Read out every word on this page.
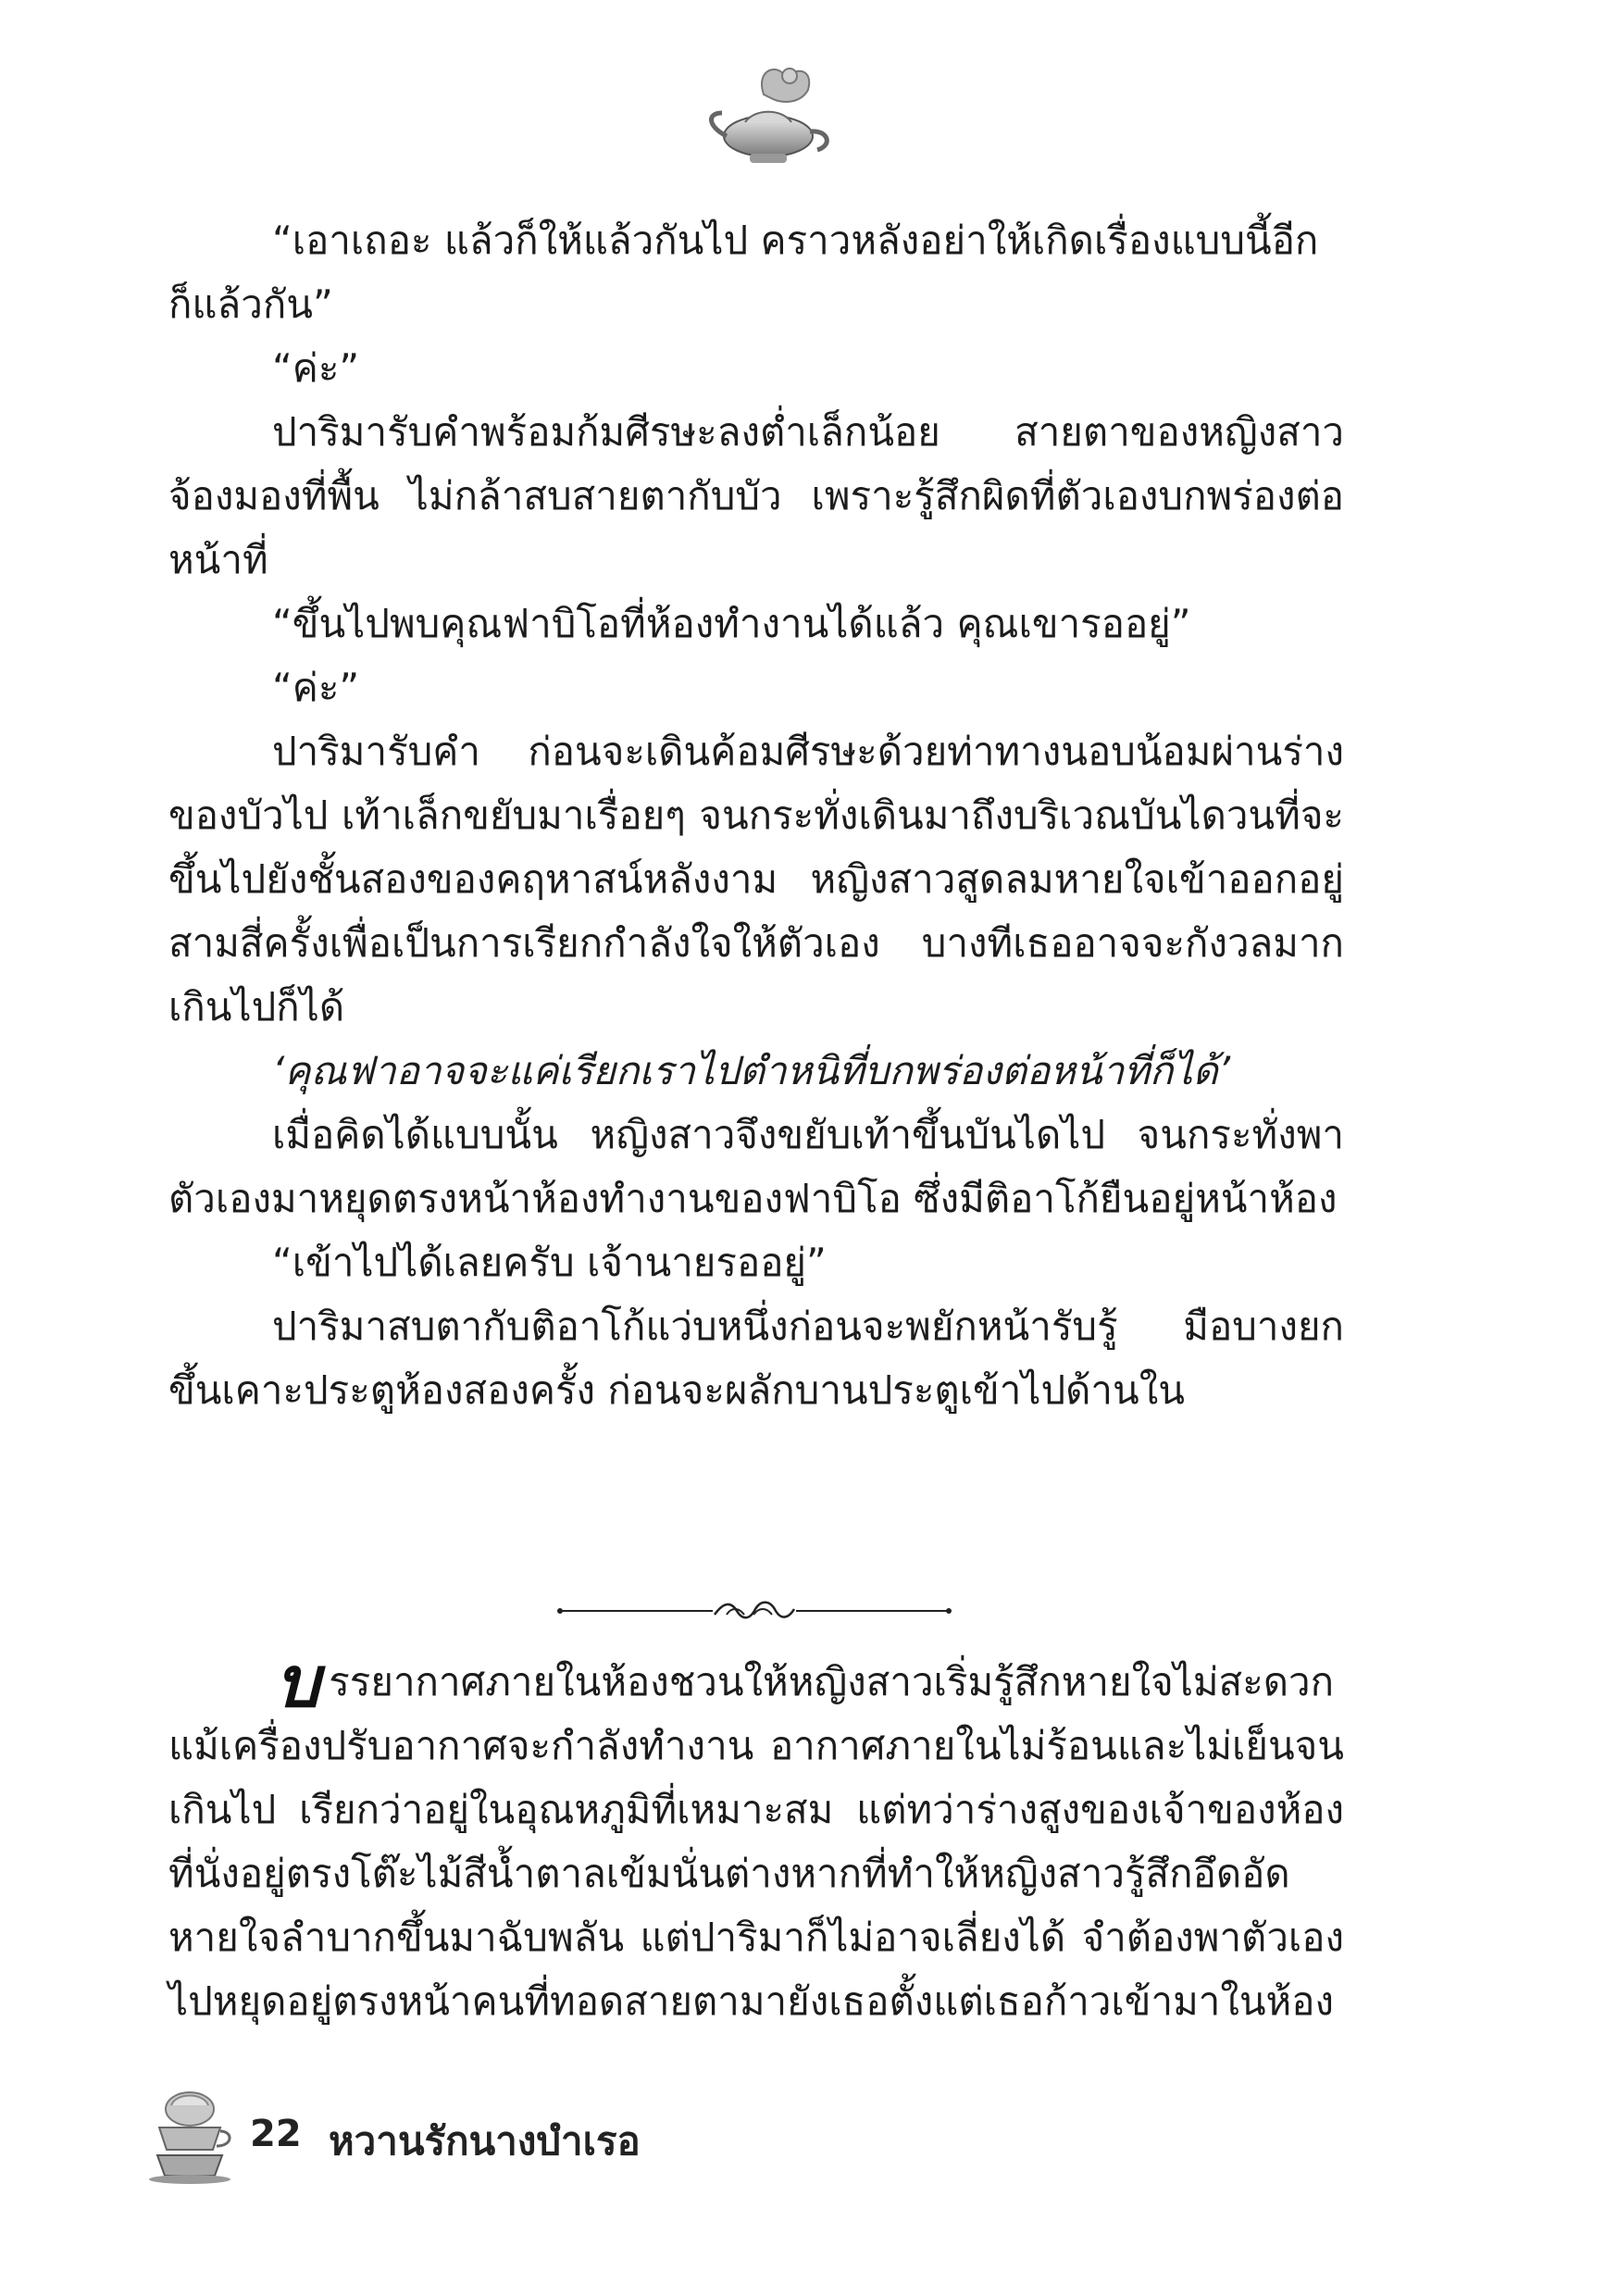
“เอาเถอะ แล้วก็ให้แล้วกันไป คราวหลังอย่าให้เกิดเรื่องแบบนี้อีก

ก็แล้วกัน”

“ค่ะ”

ปาริมารับคำพร้อมก้มศีรษะลงต่ำเล็กน้อย สายตาของหญิงสาวจ้องมองที่พื้น ไม่กล้าสบสายตากับบัว เพราะรู้สึกผิดที่ตัวเองบกพร่องต่อหน้าที่

“ขึ้นไปพบคุณฟาบิโอที่ห้องทำงานได้แล้ว คุณเขารออยู่”

“ค่ะ”

ปาริมารับคำ ก่อนจะเดินค้อมศีรษะด้วยท่าทางนอบน้อมผ่านร่างของบัวไป เท้าเล็กขยับมาเรื่อยๆ จนกระทั่งเดินมาถึงบริเวณบันไดวนที่จะขึ้นไปยังชั้นสองของคฤหาสน์หลังงาม หญิงสาวสูดลมหายใจเข้าออกอยู่สามสี่ครั้งเพื่อเป็นการเรียกกำลังใจให้ตัวเอง บางทีเธออาจจะกังวลมากเกินไปก็ได้

‘คุณฟาอาจจะแค่เรียกเราไปตำหนิที่บกพร่องต่อหน้าที่ก็ได้’

เมื่อคิดได้แบบนั้น หญิงสาวจึงขยับเท้าขึ้นบันไดไป จนกระทั่งพาตัวเองมาหยุดตรงหน้าห้องทำงานของฟาบิโอ ซึ่งมีติอาโก้ยืนอยู่หน้าห้อง

“เข้าไปได้เลยครับ เจ้านายรออยู่”

ปาริมาสบตากับติอาโก้แว่บหนึ่งก่อนจะพยักหน้ารับรู้ มือบางยกขึ้นเคาะประตูห้องสองครั้ง ก่อนจะผลักบานประตูเข้าไปด้านใน

บ รรยากาศภายในห้องชวนให้หญิงสาวเริ่มรู้สึกหายใจไม่สะดวกแม้เครื่องปรับอากาศจะกำลังทำงาน อากาศภายในไม่ร้อนและไม่เย็นจนเกินไป เรียกว่าอยู่ในอุณหภูมิที่เหมาะสม แต่ทว่าร่างสูงของเจ้าของห้องที่นั่งอยู่ตรงโต๊ะไม้สีน้ำตาลเข้มนั่นต่างหากที่ทำให้หญิงสาวรู้สึกอึดอัดหายใจลำบากขึ้นมาฉับพลัน แต่ปาริมาก็ไม่อาจเลี่ยงได้ จำต้องพาตัวเองไปหยุดอยู่ตรงหน้าคนที่ทอดสายตามายังเธอตั้งแต่เธอก้าวเข้ามาในห้อง

22 หวานรักนางบำเรอ
